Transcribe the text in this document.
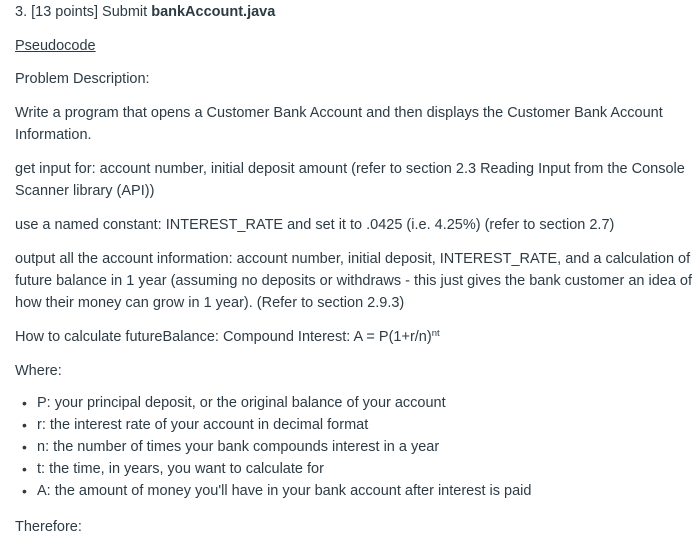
3. [13 points] Submit bankAccount.java
Pseudocode
Problem Description:
Write a program that opens a Customer Bank Account and then displays the Customer Bank Account
Information.
get input for: account number, initial deposit amount (refer to section 2.3 Reading Input from the Console
Scanner library (API))
use a named constant: INTEREST_RATE and set it to .0425 (i.e. 4.25%) (refer to section 2.7)
output all the account information: account number, initial deposit, INTEREST_RATE, and a calculation of
future balance in 1 year (assuming no deposits or withdraws - this just gives the bank customer an idea of
how their money can grow in 1 year). (Refer to section 2.9.3)
How to calculate futureBalance: Compound Interest: $A = P(1+r/n)^{nt}$
Where:
• P: your principal deposit, or the original balance of your account
• r: the interest rate of your account in decimal format
• n: the number of times your bank compounds interest in a year
• t: the time, in years, you want to calculate for
• A: the amount of money you'll have in your bank account after interest is paid
Therefore:
